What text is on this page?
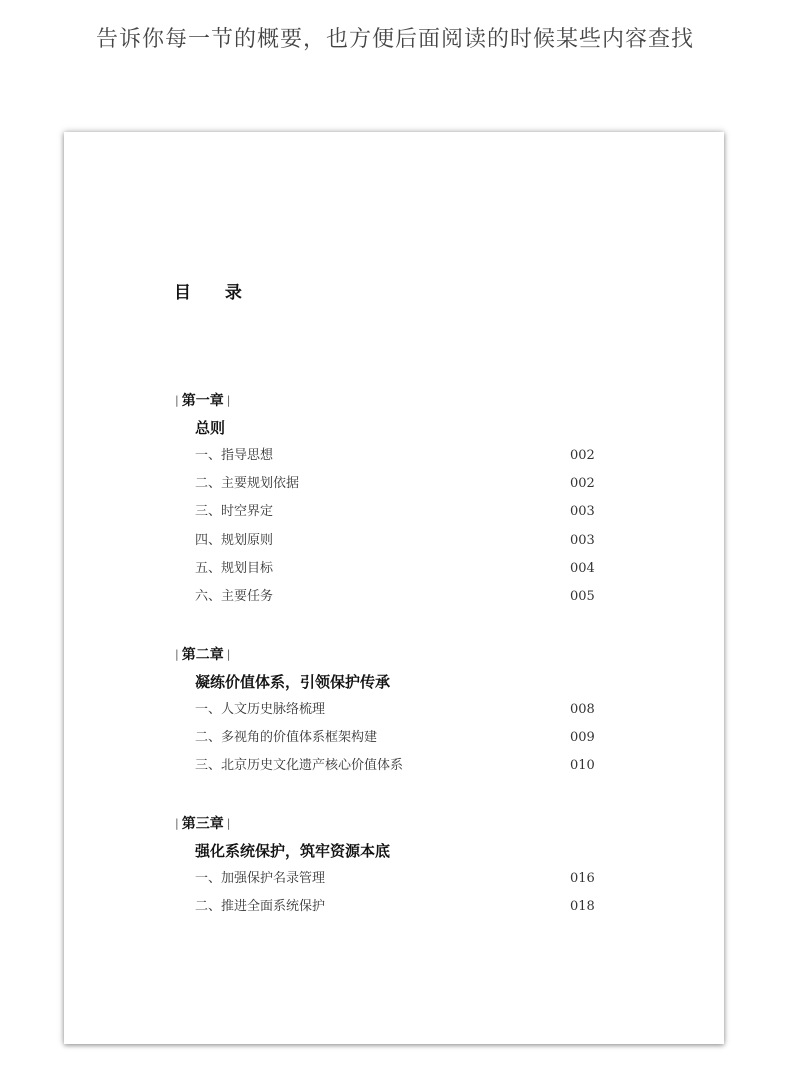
告诉你每一节的概要，也方便后面阅读的时候某些内容查找
目 录
| 第一章 |
总则
一、指导思想	002
二、主要规划依据	002
三、时空界定	003
四、规划原则	003
五、规划目标	004
六、主要任务	005
| 第二章 |
凝练价值体系，引领保护传承
一、人文历史脉络梳理	008
二、多视角的价值体系框架构建	009
三、北京历史文化遗产核心价值体系	010
| 第三章 |
强化系统保护，筑牢资源本底
一、加强保护名录管理	016
二、推进全面系统保护	018
